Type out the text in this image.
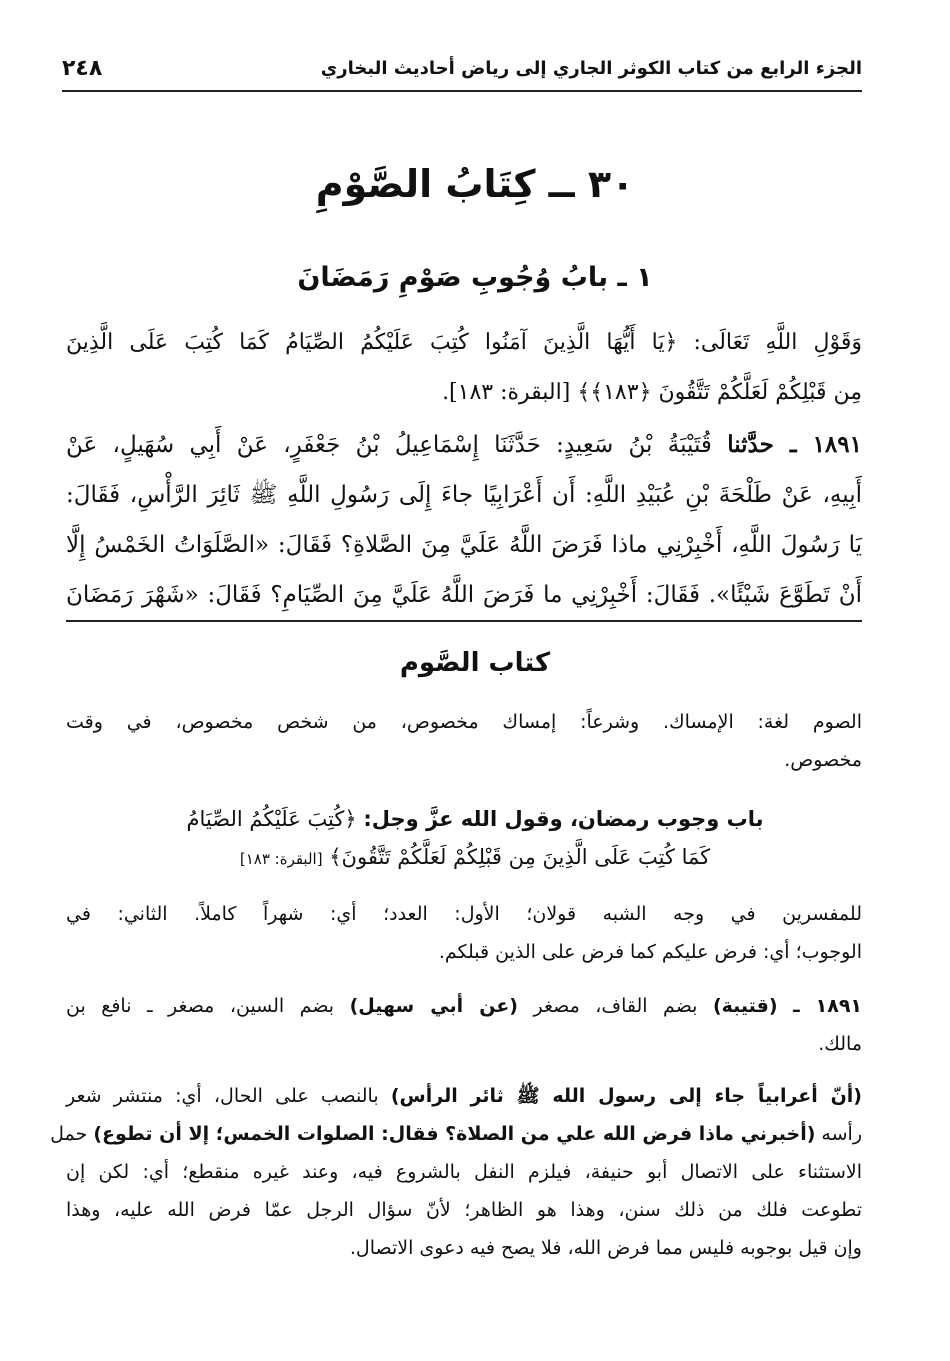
الجزء الرابع من كتاب الكوثر الجاري إلى رياض أحاديث البخاري
٢٤٨
٣٠ ــ كِتَابُ الصَّوْمِ
١ ـ بابُ وُجُوبِ صَوْمِ رَمَضَانَ
وَقَوْلِ اللَّهِ تَعَالَى: ﴿يَا أَيُّهَا الَّذِينَ آمَنُوا كُتِبَ عَلَيْكُمُ الصِّيَامُ كَمَا كُتِبَ عَلَى الَّذِينَ
مِن قَبْلِكُمْ لَعَلَّكُمْ تَتَّقُونَ ﴿١٨٣﴾﴾ [البقرة: ١٨٣].
١٨٩١ ـ حدَّثنا قُتَيْبَةُ بْنُ سَعِيدٍ: حَدَّثَنَا إِسْمَاعِيلُ بْنُ جَعْفَرٍ، عَنْ أَبِي سُهَيلٍ، عَنْ
أَبِيهِ، عَنْ طَلْحَةَ بْنِ عُبَيْدِ اللَّهِ: أَن أَعْرَابِيًا جاءَ إِلَى رَسُولِ اللَّهِ ﷺ ثَائِرَ الرَّأْسِ، فَقَالَ:
يَا رَسُولَ اللَّهِ، أَخْبِرْنِي ماذا فَرَضَ اللَّهُ عَلَيَّ مِنَ الصَّلاةِ؟ فَقَالَ: «الصَّلَوَاتُ الخَمْسُ إِلَّا
أَنْ تَطَوَّعَ شَيْئًا». فَقَالَ: أَخْبِرْنِي ما فَرَضَ اللَّهُ عَلَيَّ مِنَ الصِّيَامِ؟ فَقَالَ: «شَهْرَ رَمَضَانَ
كتاب الصَّوم
الصوم لغة: الإمساك. وشرعاً: إمساك مخصوص، من شخص مخصوص، في وقت
مخصوص.
باب وجوب رمضان، وقول الله عزَّ وجل: ﴿كُتِبَ عَلَيْكُمُ الصِّيَامُ
كَمَا كُتِبَ عَلَى الَّذِينَ مِن قَبْلِكُمْ لَعَلَّكُمْ تَتَّقُونَ﴾ [البقرة: ١٨٣]
للمفسرين في وجه الشبه قولان؛ الأول: العدد؛ أي: شهراً كاملاً. الثاني: في
الوجوب؛ أي: فرض عليكم كما فرض على الذين قبلكم.
١٨٩١ ـ (قتيبة) بضم القاف، مصغر (عن أبي سهيل) بضم السين، مصغر ـ نافع بن
مالك.
(أنّ أعرابياً جاء إلى رسول الله ﷺ ثائر الرأس) بالنصب على الحال، أي: منتشر شعر
رأسه (أخبرني ماذا فرض الله علي من الصلاة؟ فقال: الصلوات الخمس؛ إلا أن تطوع) حمل
الاستثناء على الاتصال أبو حنيفة، فيلزم النفل بالشروع فيه، وعند غيره منقطع؛ أي: لكن إن
تطوعت فلك من ذلك سنن، وهذا هو الظاهر؛ لأنّ سؤال الرجل عمّا فرض الله عليه، وهذا
وإن قيل بوجوبه فليس مما فرض الله، فلا يصح فيه دعوى الاتصال.
